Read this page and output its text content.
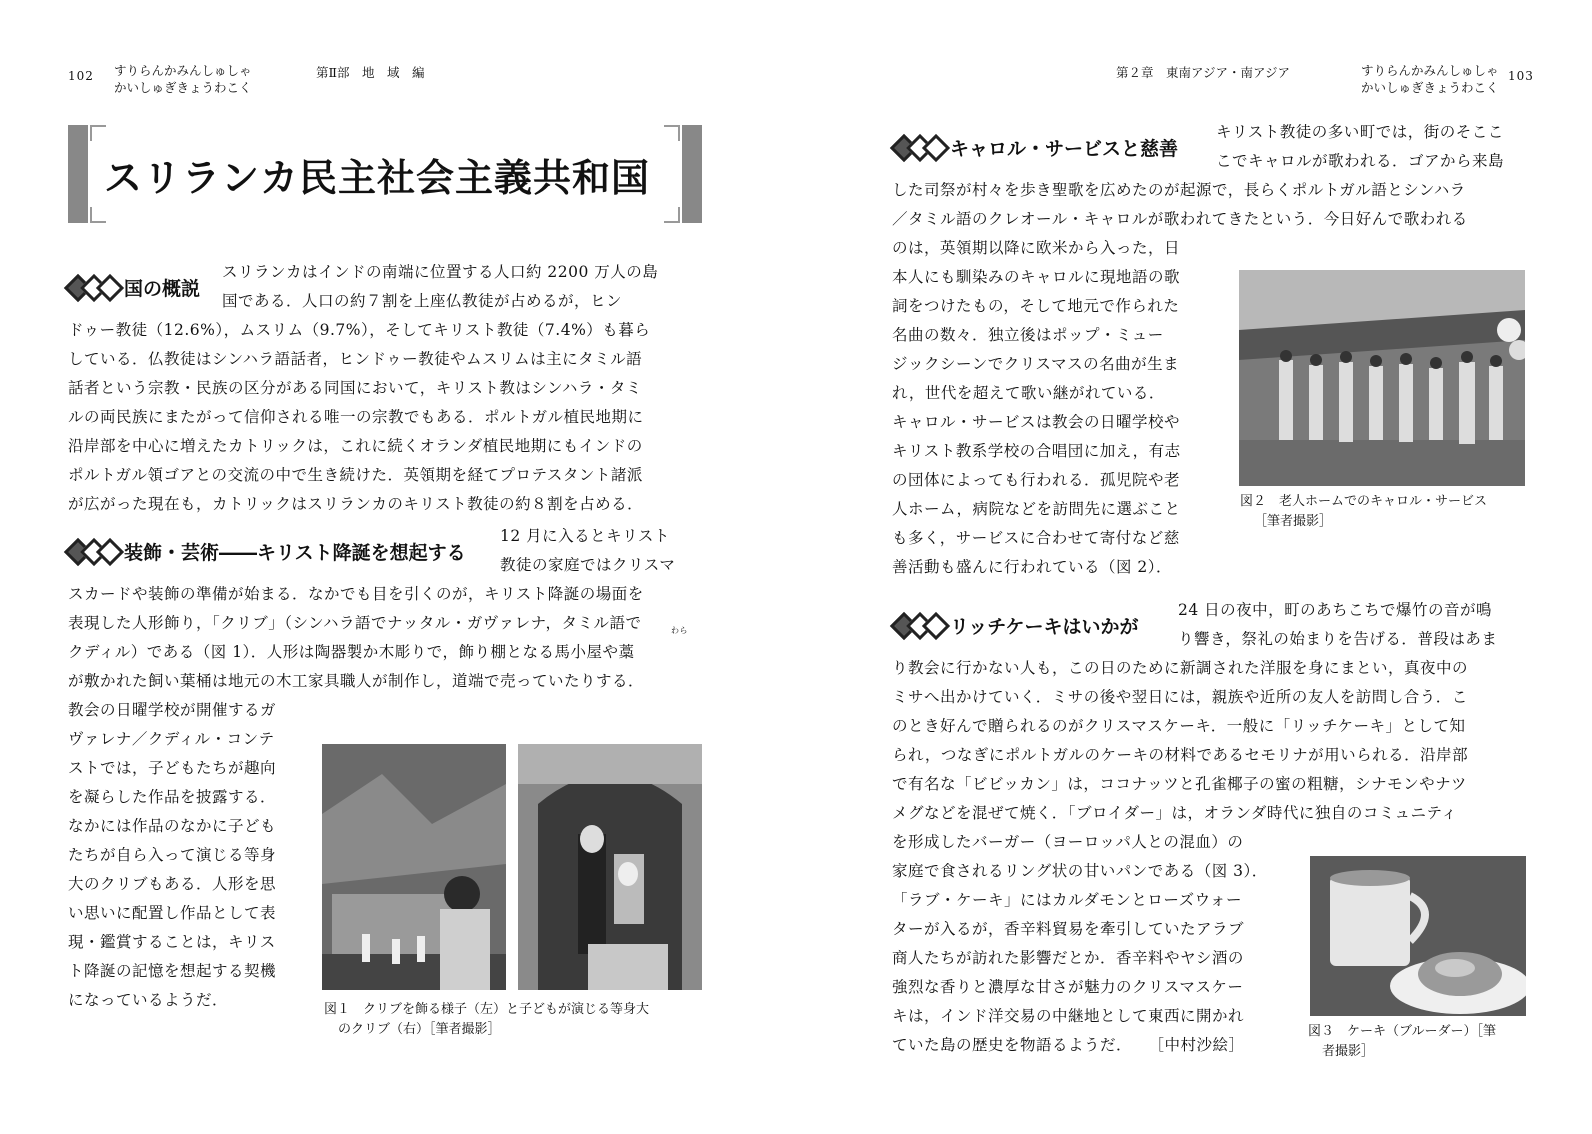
102 すりらんかみんしゅしゃ
かいしゅぎきょうわこく
第Ⅱ部　地　域　編
スリランカ民主社会主義共和国
国の概説
スリランカはインドの南端に位置する人口約 2200 万人の島
国である．人口の約７割を上座仏教徒が占めるが，ヒン
ドゥー教徒（12.6%），ムスリム（9.7%），そしてキリスト教徒（7.4%）も暮ら
している．仏教徒はシンハラ語話者，ヒンドゥー教徒やムスリムは主にタミル語
話者という宗教・民族の区分がある同国において，キリスト教はシンハラ・タミ
ルの両民族にまたがって信仰される唯一の宗教でもある．ポルトガル植民地期に
沿岸部を中心に増えたカトリックは，これに続くオランダ植民地期にもインドの
ポルトガル領ゴアとの交流の中で生き続けた．英領期を経てプロテスタント諸派
が広がった現在も，カトリックはスリランカのキリスト教徒の約８割を占める．
装飾・芸術――キリスト降誕を想起する
12 月に入るとキリスト
教徒の家庭ではクリスマ
スカードや装飾の準備が始まる．なかでも目を引くのが，キリスト降誕の場面を
表現した人形飾り，「クリブ」（シンハラ語でナッタル・ガヴァレナ，タミル語で
クディル）である（図 1）．人形は陶器製か木彫りで，飾り棚となる馬小屋や藁
わら
が敷かれた飼い葉桶は地元の木工家具職人が制作し，道端で売っていたりする．
教会の日曜学校が開催するガ
ヴァレナ／クディル・コンテ
ストでは，子どもたちが趣向
を凝らした作品を披露する．
なかには作品のなかに子ども
たちが自ら入って演じる等身
大のクリブもある．人形を思
い思いに配置し作品として表
現・鑑賞することは，キリス
ト降誕の記憶を想起する契機
になっているようだ．
図１　クリブを飾る様子（左）と子どもが演じる等身大
のクリブ（右）［筆者撮影］
第２章　東南アジア・南アジア	すりらんかみんしゅしゃ
かいしゅぎきょうわこく
103
キャロル・サービスと慈善
キリスト教徒の多い町では，街のそここ
こでキャロルが歌われる．ゴアから来島
した司祭が村々を歩き聖歌を広めたのが起源で，長らくポルトガル語とシンハラ
／タミル語のクレオール・キャロルが歌われてきたという．今日好んで歌われる
のは，英領期以降に欧米から入った，日
本人にも馴染みのキャロルに現地語の歌
詞をつけたもの，そして地元で作られた
名曲の数々．独立後はポップ・ミュー
ジックシーンでクリスマスの名曲が生ま
れ，世代を超えて歌い継がれている．
キャロル・サービスは教会の日曜学校や
キリスト教系学校の合唱団に加え，有志
の団体によっても行われる．孤児院や老
人ホーム，病院などを訪問先に選ぶこと
も多く，サービスに合わせて寄付など慈
善活動も盛んに行われている（図 2）．
図２　老人ホームでのキャロル・サービス
［筆者撮影］
リッチケーキはいかが
24 日の夜中，町のあちこちで爆竹の音が鳴
り響き，祭礼の始まりを告げる．普段はあま
り教会に行かない人も，この日のために新調された洋服を身にまとい，真夜中の
ミサへ出かけていく．ミサの後や翌日には，親族や近所の友人を訪問し合う．こ
のとき好んで贈られるのがクリスマスケーキ．一般に「リッチケーキ」として知
られ，つなぎにポルトガルのケーキの材料であるセモリナが用いられる．沿岸部
で有名な「ビビッカン」は，ココナッツと孔雀椰子の蜜の粗糖，シナモンやナツ
メグなどを混ぜて焼く．「ブロイダー」は，オランダ時代に独自のコミュニティ
を形成したバーガー（ヨーロッパ人との混血）の
家庭で食されるリング状の甘いパンである（図 3）．
「ラブ・ケーキ」にはカルダモンとローズウォー
ターが入るが，香辛料貿易を牽引していたアラブ
商人たちが訪れた影響だとか．香辛料やヤシ酒の
強烈な香りと濃厚な甘さが魅力のクリスマスケー
キは，インド洋交易の中継地として東西に開かれ
ていた島の歴史を物語るようだ．　　［中村沙絵］
図３　ケーキ（ブルーダー）［筆
者撮影］
